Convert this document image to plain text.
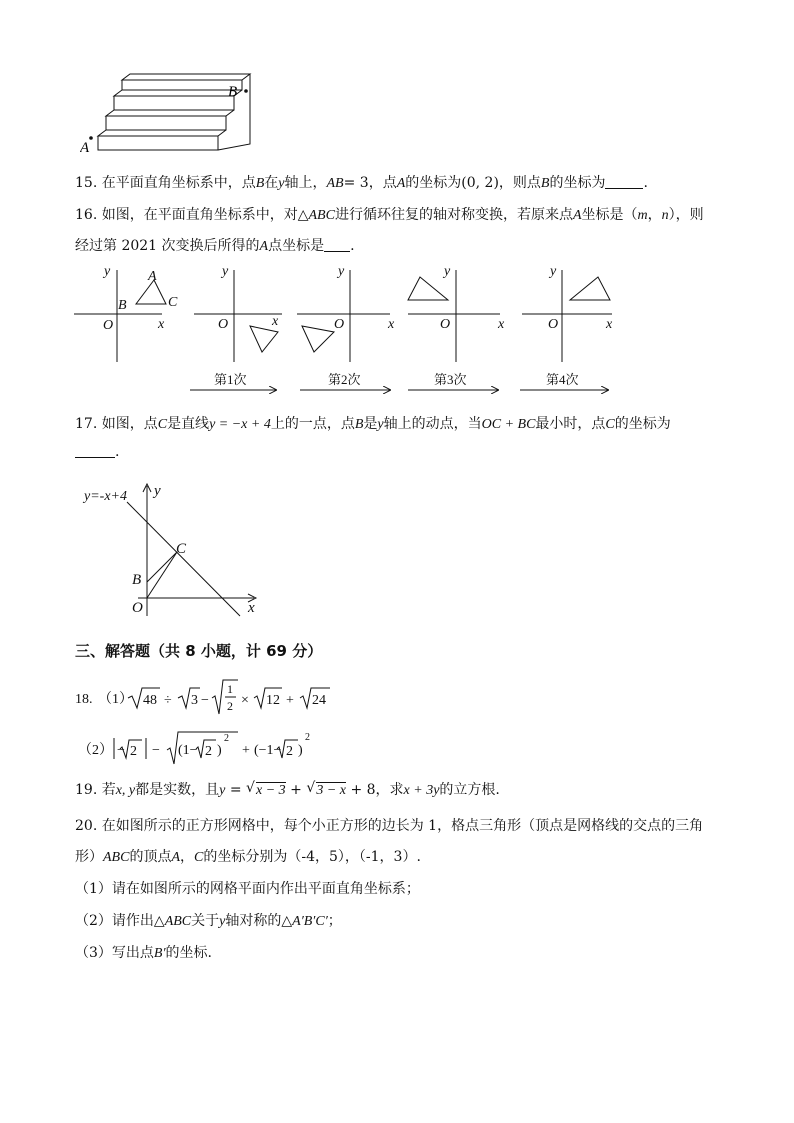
A
B
15. 在平面直角坐标系中，点B在y轴上，AB= 3，点A的坐标为(0, 2)，则点B的坐标为	.
16. 如图，在平面直角坐标系中，对△ABC进行循环往复的轴对称变换，若原来点A坐标是（m，n），则
经过第 2021 次变换后所得的A点坐标是 .
y
x
O
A
B	C
y
x
O
y
x
O
y
x
O
y
x
O
第1次	第2次	第3次	第4次
17. 如图，点C是直线y = −x + 4上的一点，点B是y轴上的动点，当OC + BC最小时，点C的坐标为
.
y=-x+4 y
x
C
B
O
三、解答题（共 8 小题，计 69 分）
18. （1） 48 ÷ 3 −
1
2 × 12 + 24
（2） − 2 − (1− 2 )
2
+ (−1− 2 )
2
19. 若x, y都是实数，且y = √ x − 3 + √ 3 − x + 8，求x + 3y的立方根.
20. 在如图所示的正方形网格中，每个小正方形的边长为 1，格点三角形（顶点是网格线的交点的三角
形）ABC的顶点A，C的坐标分别为（-4，5），（-1，3）.
（1）请在如图所示的网格平面内作出平面直角坐标系；
（2）请作出△ABC关于y轴对称的△A′B′C′；
（3）写出点B′的坐标.
